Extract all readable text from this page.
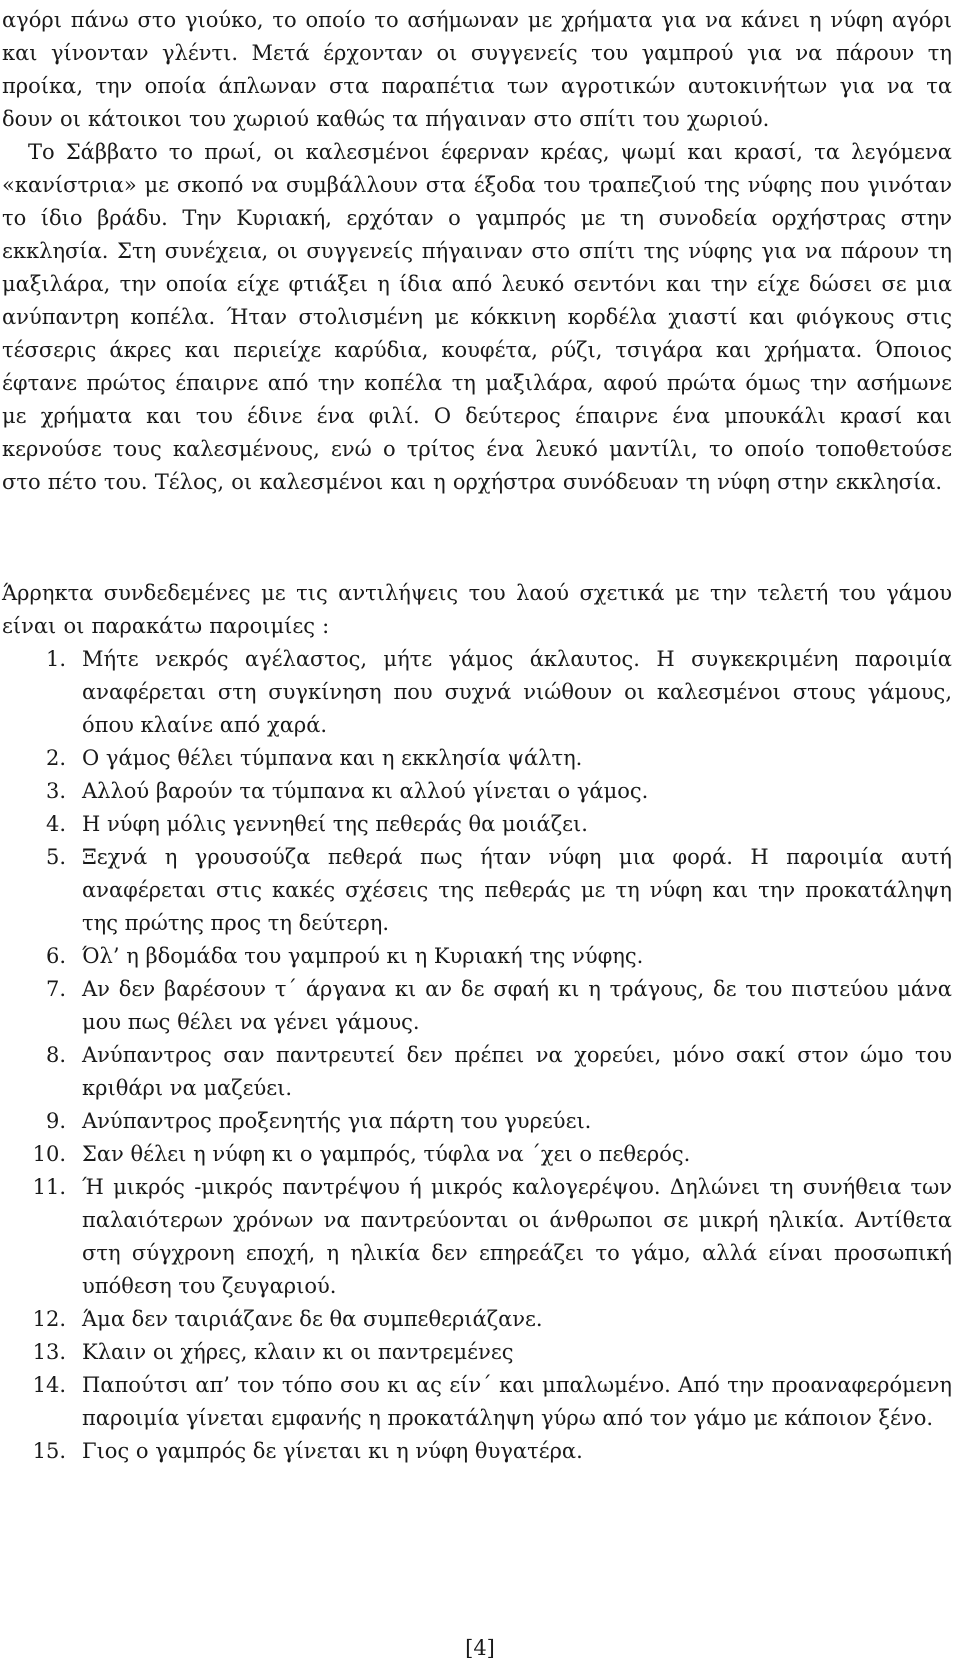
αγόρι πάνω στο γιούκο, το οποίο το ασήμωναν με χρήματα για να κάνει η νύφη αγόρι και γίνονταν γλέντι. Μετά έρχονταν οι συγγενείς του γαμπρού για να πάρουν τη προίκα, την οποία άπλωναν στα παραπέτια των αγροτικών αυτοκινήτων για να τα δουν οι κάτοικοι του χωριού καθώς τα πήγαιναν στο σπίτι του χωριού.

Το Σάββατο το πρωί, οι καλεσμένοι έφερναν κρέας, ψωμί και κρασί, τα λεγόμενα «κανίστρια» με σκοπό να συμβάλλουν στα έξοδα του τραπεζιού της νύφης που γινόταν το ίδιο βράδυ. Την Κυριακή, ερχόταν ο γαμπρός με τη συνοδεία ορχήστρας στην εκκλησία. Στη συνέχεια, οι συγγενείς πήγαιναν στο σπίτι της νύφης για να πάρουν τη μαξιλάρα, την οποία είχε φτιάξει η ίδια από λευκό σεντόνι και την είχε δώσει σε μια ανύπαντρη κοπέλα. Ήταν στολισμένη με κόκκινη κορδέλα χιαστί και φιόγκους στις τέσσερις άκρες και περιείχε καρύδια, κουφέτα, ρύζι, τσιγάρα και χρήματα. Όποιος έφτανε πρώτος έπαιρνε από την κοπέλα τη μαξιλάρα, αφού πρώτα όμως την ασήμωνε με χρήματα και του έδινε ένα φιλί. Ο δεύτερος έπαιρνε ένα μπουκάλι κρασί και κερνούσε τους καλεσμένους, ενώ ο τρίτος ένα λευκό μαντίλι, το οποίο τοποθετούσε στο πέτο του. Τέλος, οι καλεσμένοι και η ορχήστρα συνόδευαν τη νύφη στην εκκλησία.

Άρρηκτα συνδεδεμένες με τις αντιλήψεις του λαού σχετικά με την τελετή του γάμου είναι οι παρακάτω παροιμίες :

1. Μήτε νεκρός αγέλαστος, μήτε γάμος άκλαυτος. Η συγκεκριμένη παροιμία αναφέρεται στη συγκίνηση που συχνά νιώθουν οι καλεσμένοι στους γάμους, όπου κλαίνε από χαρά.
2. Ο γάμος θέλει τύμπανα και η εκκλησία ψάλτη.
3. Αλλού βαρούν τα τύμπανα κι αλλού γίνεται ο γάμος.
4. Η νύφη μόλις γεννηθεί της πεθεράς θα μοιάζει.
5. Ξεχνά η γρουσούζα πεθερά πως ήταν νύφη μια φορά. Η παροιμία αυτή αναφέρεται στις κακές σχέσεις της πεθεράς με τη νύφη και την προκατάληψη της πρώτης προς τη δεύτερη.
6. Όλ’ η βδομάδα του γαμπρού κι η Κυριακή της νύφης.
7. Αν δεν βαρέσουν τ΄ άργανα κι αν δε σφαή κι η τράγους, δε του πιστεύου μάνα μου πως θέλει να γένει γάμους.
8. Ανύπαντρος σαν παντρευτεί δεν πρέπει να χορεύει, μόνο σακί στον ώμο του κριθάρι να μαζεύει.
9. Ανύπαντρος προξενητής για πάρτη του γυρεύει.
10. Σαν θέλει η νύφη κι ο γαμπρός, τύφλα να ΄χει ο πεθερός.
11. Ή μικρός -μικρός παντρέψου ή μικρός καλογερέψου. Δηλώνει τη συνήθεια των παλαιότερων χρόνων να παντρεύονται οι άνθρωποι σε μικρή ηλικία. Αντίθετα στη σύγχρονη εποχή, η ηλικία δεν επηρεάζει το γάμο, αλλά είναι προσωπική υπόθεση του ζευγαριού.
12. Άμα δεν ταιριάζανε δε θα συμπεθεριάζανε.
13. Κλαιν οι χήρες, κλαιν κι οι παντρεμένες
14. Παπούτσι απ’ τον τόπο σου κι ας είν΄ και μπαλωμένο. Από την προαναφερόμενη παροιμία γίνεται εμφανής η προκατάληψη γύρω από τον γάμο με κάποιον ξένο.
15. Γιος ο γαμπρός δε γίνεται κι η νύφη θυγατέρα.
[4]
